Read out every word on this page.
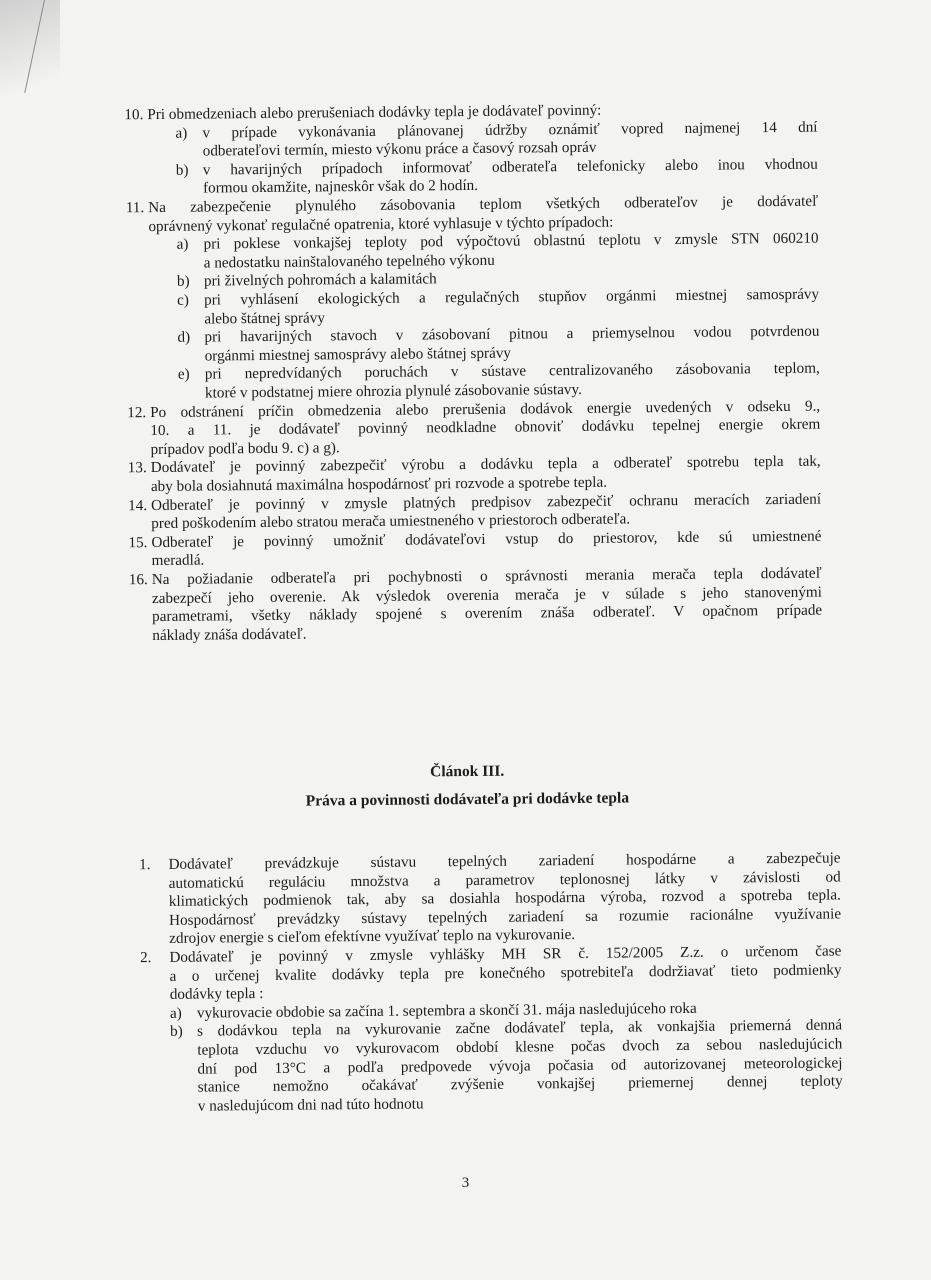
10. Pri obmedzeniach alebo prerušeniach dodávky tepla je dodávateľ povinný:
a) v prípade vykonávania plánovanej údržby oznámiť vopred najmenej 14 dní
odberateľovi termín, miesto výkonu práce a časový rozsah opráv
b) v havarijných prípadoch informovať odberateľa telefonicky alebo inou vhodnou
formou okamžite, najneskôr však do 2 hodín.
11. Na zabezpečenie plynulého zásobovania teplom všetkých odberateľov je dodávateľ
oprávnený vykonať regulačné opatrenia, ktoré vyhlasuje v týchto prípadoch:
a) pri poklese vonkajšej teploty pod výpočtovú oblastnú teplotu v zmysle STN 060210
a nedostatku nainštalovaného tepelného výkonu
b) pri živelných pohromách a kalamitách
c) pri vyhlásení ekologických a regulačných stupňov orgánmi miestnej samosprávy
alebo štátnej správy
d) pri havarijných stavoch v zásobovaní pitnou a priemyselnou vodou potvrdenou
orgánmi miestnej samosprávy alebo štátnej správy
e) pri nepredvídaných poruchách v sústave centralizovaného zásobovania teplom,
ktoré v podstatnej miere ohrozia plynulé zásobovanie sústavy.
12. Po odstránení príčin obmedzenia alebo prerušenia dodávok energie uvedených v odseku 9.,
10. a 11. je dodávateľ povinný neodkladne obnoviť dodávku tepelnej energie okrem
prípadov podľa bodu 9. c) a g).
13. Dodávateľ je povinný zabezpečiť výrobu a dodávku tepla a odberateľ spotrebu tepla tak,
aby bola dosiahnutá maximálna hospodárnosť pri rozvode a spotrebe tepla.
14. Odberateľ je povinný v zmysle platných predpisov zabezpečiť ochranu meracích zariadení
pred poškodením alebo stratou merača umiestneného v priestoroch odberateľa.
15. Odberateľ je povinný umožniť dodávateľovi vstup do priestorov, kde sú umiestnené
meradlá.
16. Na požiadanie odberateľa pri pochybnosti o správnosti merania merača tepla dodávateľ
zabezpečí jeho overenie. Ak výsledok overenia merača je v súlade s jeho stanovenými
parametrami, všetky náklady spojené s overením znáša odberateľ. V opačnom prípade
náklady znáša dodávateľ.
Článok III.
Práva a povinnosti dodávateľa pri dodávke tepla
1. Dodávateľ prevádzkuje sústavu tepelných zariadení hospodárne a zabezpečuje
automatickú reguláciu množstva a parametrov teplonosnej látky v závislosti od
klimatických podmienok tak, aby sa dosiahla hospodárna výroba, rozvod a spotreba tepla.
Hospodárnosť prevádzky sústavy tepelných zariadení sa rozumie racionálne využívanie
zdrojov energie s cieľom efektívne využívať teplo na vykurovanie.
2. Dodávateľ je povinný v zmysle vyhlášky MH SR č. 152/2005 Z.z. o určenom čase
a o určenej kvalite dodávky tepla pre konečného spotrebiteľa dodržiavať tieto podmienky
dodávky tepla :
a) vykurovacie obdobie sa začína 1. septembra a skončí 31. mája nasledujúceho roka
b) s dodávkou tepla na vykurovanie začne dodávateľ tepla, ak vonkajšia priemerná denná
teplota vzduchu vo vykurovacom období klesne počas dvoch za sebou nasledujúcich
dní pod 13°C a podľa predpovede vývoja počasia od autorizovanej meteorologickej
stanice nemožno očakávať zvýšenie vonkajšej priemernej dennej teploty
v nasledujúcom dni nad túto hodnotu
3
